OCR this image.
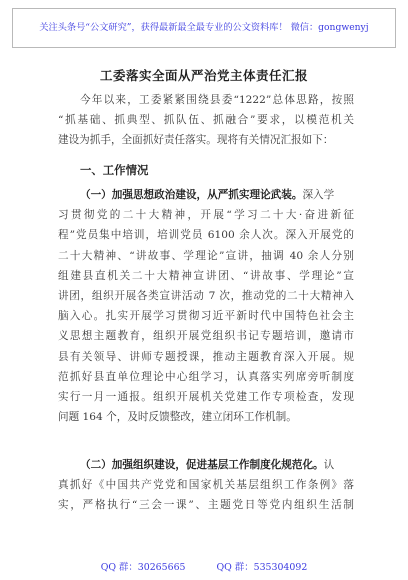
关注头条号“公文研究”，获得最新最全最专业的公文资料库！ 微信：gongwenyj
工委落实全面从严治党主体责任汇报
今年以来，工委紧紧围绕县委“1222”总体思路，按照
“抓基础、抓典型、抓队伍、抓融合”要求，以模范机关
建设为抓手，全面抓好责任落实。现将有关情况汇报如下：
一、工作情况
（一）加强思想政治建设，从严抓实理论武装。深入学
习贯彻党的二十大精神，开展“学习二十大·奋进新征
程”党员集中培训，培训党员 6100 余人次。深入开展党的
二十大精神、“讲故事、学理论”宣讲，抽调 40 余人分别
组建县直机关二十大精神宣讲团、“讲故事、学理论”宣
讲团，组织开展各类宣讲活动 7 次，推动党的二十大精神入
脑入心。扎实开展学习贯彻习近平新时代中国特色社会主
义思想主题教育，组织开展党组织书记专题培训，邀请市
县有关领导、讲师专题授课，推动主题教育深入开展。规
范抓好县直单位理论中心组学习，认真落实列席旁听制度
实行一月一通报。组织开展机关党建工作专项检查，发现
问题 164 个，及时反馈整改，建立闭环工作机制。
（二）加强组织建设，促进基层工作制度化规范化。认
真抓好《中国共产党党和国家机关基层组织工作条例》落
实，严格执行“三会一课”、主题党日等党内组织生活制
QQ 群：30265665	QQ 群：535304092
